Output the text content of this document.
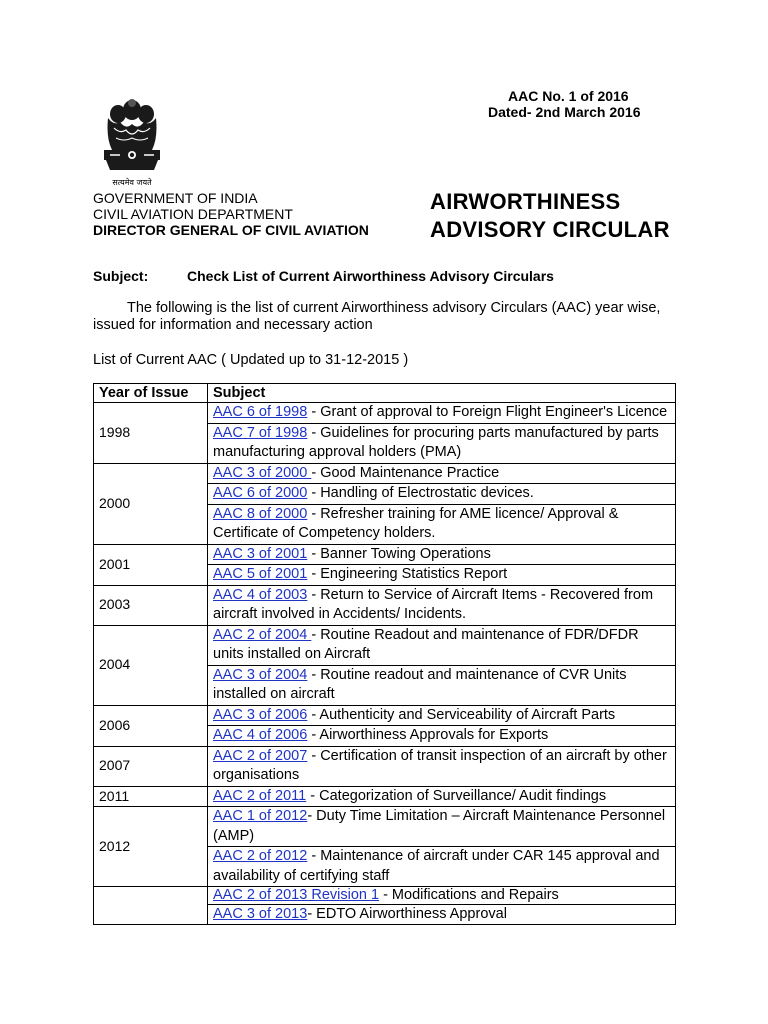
AAC No. 1 of 2016
Dated- 2nd March 2016
सत्यमेव जयते
GOVERNMENT OF INDIA
CIVIL AVIATION DEPARTMENT
DIRECTOR GENERAL OF CIVIL AVIATION
AIRWORTHINESS
ADVISORY CIRCULAR
Subject:	Check List of Current Airworthiness Advisory Circulars
The following is the list of current Airworthiness advisory Circulars (AAC) year wise, issued for information and necessary action
List of Current AAC ( Updated up to 31-12-2015 )
Year of Issue	Subject
1998	AAC 6 of 1998 - Grant of approval to Foreign Flight Engineer's Licence
	AAC 7 of 1998 - Guidelines for procuring parts manufactured by parts manufacturing approval holders (PMA)
2000	AAC 3 of 2000 - Good Maintenance Practice
	AAC 6 of 2000 - Handling of Electrostatic devices.
	AAC 8 of 2000 - Refresher training for AME licence/ Approval & Certificate of Competency holders.
2001	AAC 3 of 2001 - Banner Towing Operations
	AAC 5 of 2001 - Engineering Statistics Report
2003	AAC 4 of 2003 - Return to Service of Aircraft Items - Recovered from aircraft involved in Accidents/ Incidents.
2004	AAC 2 of 2004 - Routine Readout and maintenance of FDR/DFDR units installed on Aircraft
	AAC 3 of 2004 - Routine readout and maintenance of CVR Units installed on aircraft
2006	AAC 3 of 2006 - Authenticity and Serviceability of Aircraft Parts
	AAC 4 of 2006 - Airworthiness Approvals for Exports
2007	AAC 2 of 2007 - Certification of transit inspection of an aircraft by other organisations
2011	AAC 2 of 2011 - Categorization of Surveillance/ Audit findings
2012	AAC 1 of 2012- Duty Time Limitation – Aircraft Maintenance Personnel (AMP)
	AAC 2 of 2012 - Maintenance of aircraft under CAR 145 approval and availability of certifying staff
	AAC 2 of 2013 Revision 1 - Modifications and Repairs
	AAC 3 of 2013- EDTO Airworthiness Approval
